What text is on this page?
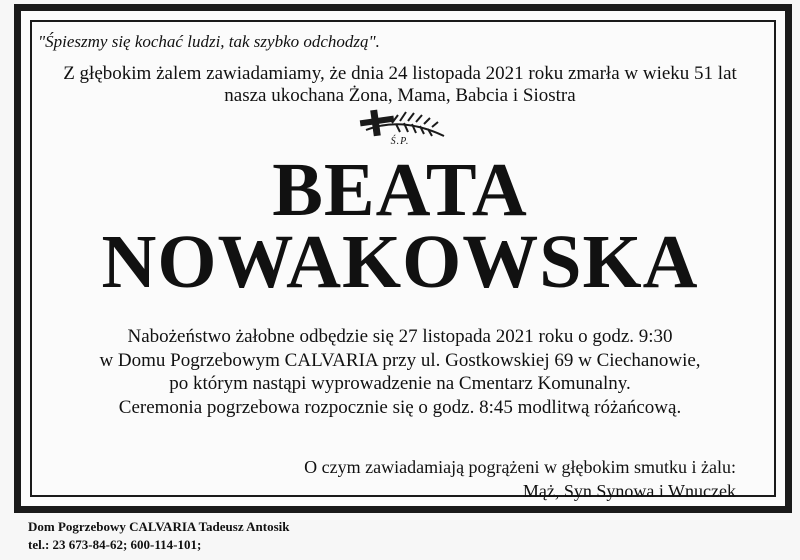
"Śpieszmy się kochać ludzi, tak szybko odchodzą".
Z głębokim żalem zawiadamiamy, że dnia 24 listopada 2021 roku zmarła w wieku 51 lat
nasza ukochana Żona, Mama, Babcia i Siostra
Ś.P.
BEATA
NOWAKOWSKA
Nabożeństwo żałobne odbędzie się 27 listopada 2021 roku o godz. 9:30
w Domu Pogrzebowym CALVARIA przy ul. Gostkowskiej 69 w Ciechanowie,
po którym nastąpi wyprowadzenie na Cmentarz Komunalny.
Ceremonia pogrzebowa rozpocznie się o godz. 8:45 modlitwą różańcową.
O czym zawiadamiają pogrążeni w głębokim smutku i żalu:
Mąż, Syn Synowa i Wnuczek
Dom Pogrzebowy CALVARIA Tadeusz Antosik
tel.: 23 673-84-62; 600-114-101;
